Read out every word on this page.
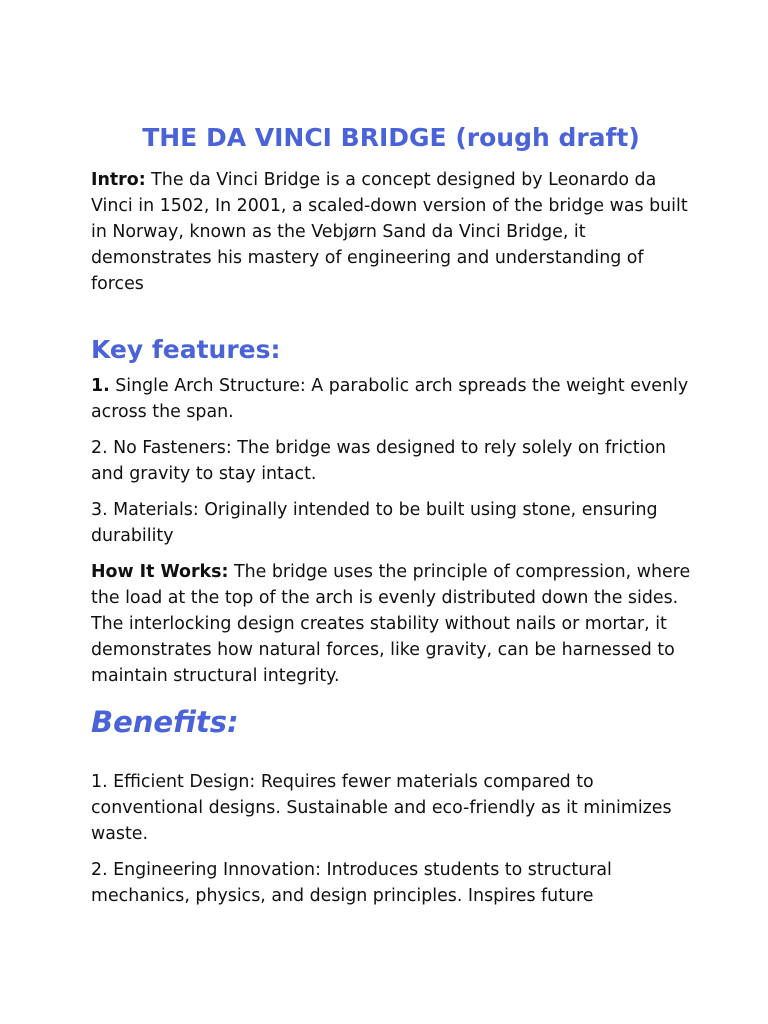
THE DA VINCI BRIDGE (rough draft)

Intro: The da Vinci Bridge is a concept designed by Leonardo da Vinci in 1502, In 2001, a scaled-down version of the bridge was built in Norway, known as the Vebjørn Sand da Vinci Bridge, it demonstrates his mastery of engineering and understanding of forces

Key features:

1. Single Arch Structure: A parabolic arch spreads the weight evenly across the span.

2. No Fasteners: The bridge was designed to rely solely on friction and gravity to stay intact.

3. Materials: Originally intended to be built using stone, ensuring durability

How It Works: The bridge uses the principle of compression, where the load at the top of the arch is evenly distributed down the sides. The interlocking design creates stability without nails or mortar, it demonstrates how natural forces, like gravity, can be harnessed to maintain structural integrity.

Benefits:

1. Efficient Design: Requires fewer materials compared to conventional designs. Sustainable and eco-friendly as it minimizes waste.

2. Engineering Innovation: Introduces students to structural mechanics, physics, and design principles. Inspires future
